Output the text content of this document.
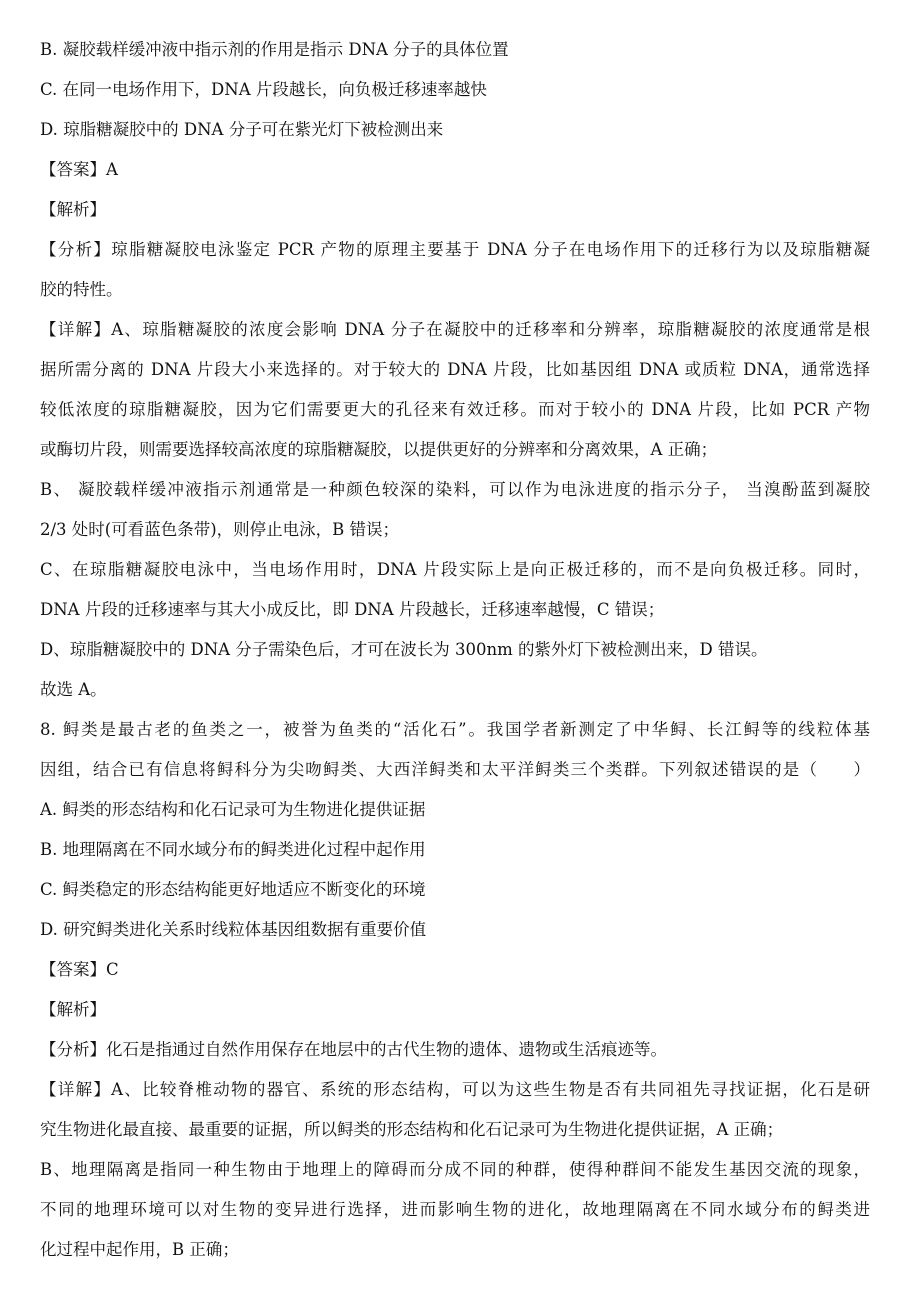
B. 凝胶载样缓冲液中指示剂的作用是指示 DNA 分子的具体位置
C. 在同一电场作用下，DNA 片段越长，向负极迁移速率越快
D. 琼脂糖凝胶中的 DNA 分子可在紫光灯下被检测出来
【答案】A
【解析】
【分析】琼脂糖凝胶电泳鉴定 PCR 产物的原理主要基于 DNA 分子在电场作用下的迁移行为以及琼脂糖凝
胶的特性。
【详解】A、琼脂糖凝胶的浓度会影响 DNA 分子在凝胶中的迁移率和分辨率，琼脂糖凝胶的浓度通常是根
据所需分离的 DNA 片段大小来选择的。对于较大的 DNA 片段，比如基因组 DNA 或质粒 DNA，通常选择
较低浓度的琼脂糖凝胶，因为它们需要更大的孔径来有效迁移。而对于较小的 DNA 片段，比如 PCR 产物
或酶切片段，则需要选择较高浓度的琼脂糖凝胶，以提供更好的分辨率和分离效果，A 正确；
B、 凝胶载样缓冲液指示剂通常是一种颜色较深的染料，可以作为电泳进度的指示分子， 当溴酚蓝到凝胶
2/3 处时(可看蓝色条带)，则停止电泳，B 错误；
C、在琼脂糖凝胶电泳中，当电场作用时，DNA 片段实际上是向正极迁移的，而不是向负极迁移。同时，
DNA 片段的迁移速率与其大小成反比，即 DNA 片段越长，迁移速率越慢，C 错误；
D、琼脂糖凝胶中的 DNA 分子需染色后，才可在波长为 300nm 的紫外灯下被检测出来，D 错误。
故选 A。
8. 鲟类是最古老的鱼类之一，被誉为鱼类的“活化石”。我国学者新测定了中华鲟、长江鲟等的线粒体基
因组，结合已有信息将鲟科分为尖吻鲟类、大西洋鲟类和太平洋鲟类三个类群。下列叙述错误的是（　　）
A. 鲟类的形态结构和化石记录可为生物进化提供证据
B. 地理隔离在不同水域分布的鲟类进化过程中起作用
C. 鲟类稳定的形态结构能更好地适应不断变化的环境
D. 研究鲟类进化关系时线粒体基因组数据有重要价值
【答案】C
【解析】
【分析】化石是指通过自然作用保存在地层中的古代生物的遗体、遗物或生活痕迹等。
【详解】A、比较脊椎动物的器官、系统的形态结构，可以为这些生物是否有共同祖先寻找证据，化石是研
究生物进化最直接、最重要的证据，所以鲟类的形态结构和化石记录可为生物进化提供证据，A 正确；
B、地理隔离是指同一种生物由于地理上的障碍而分成不同的种群，使得种群间不能发生基因交流的现象，
不同的地理环境可以对生物的变异进行选择，进而影响生物的进化，故地理隔离在不同水域分布的鲟类进
化过程中起作用，B 正确；
